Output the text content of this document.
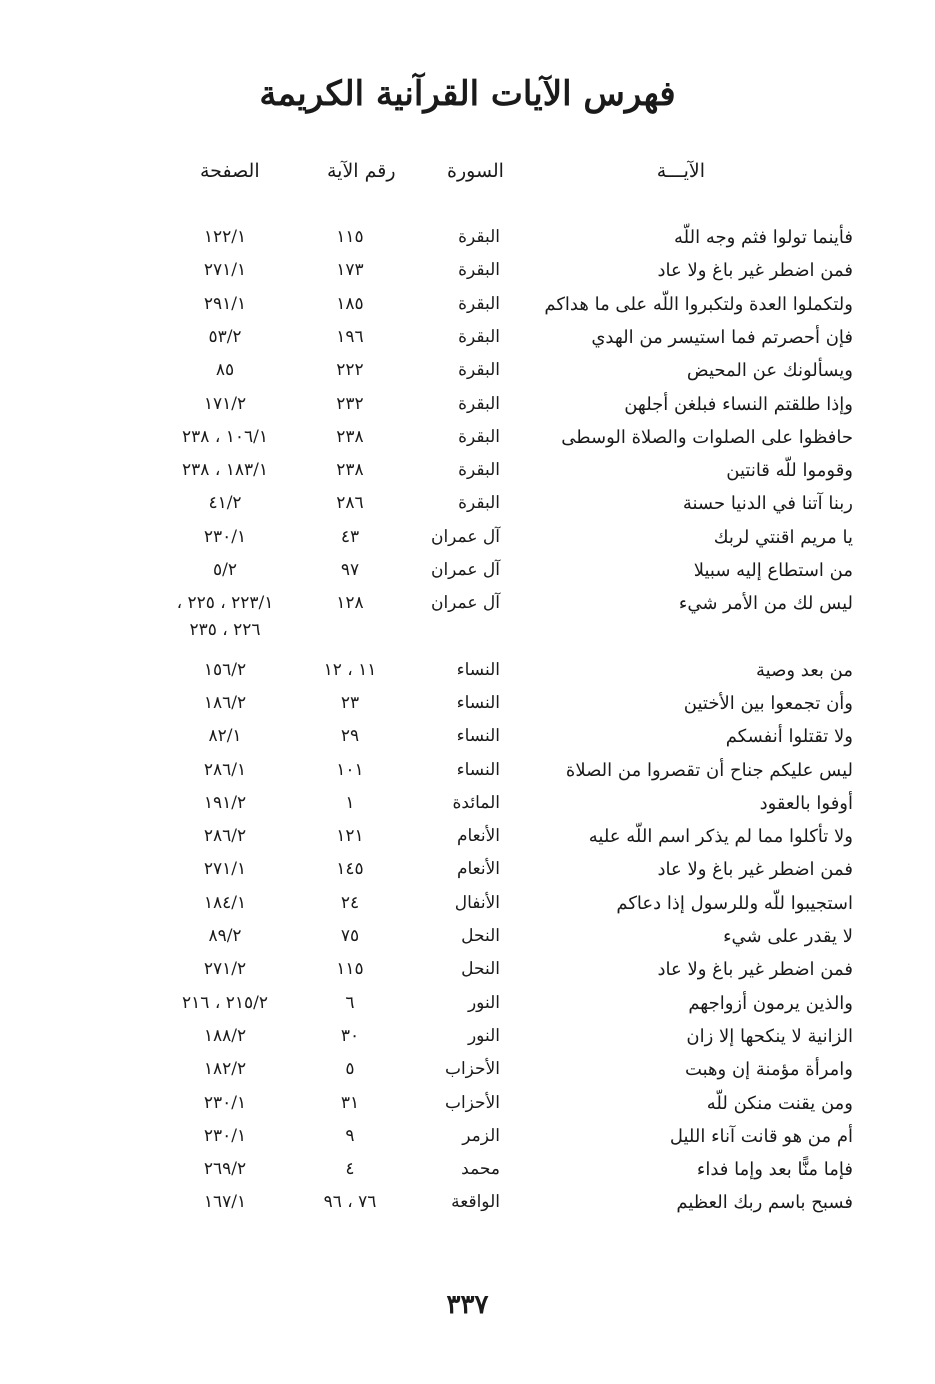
فهرس الآيات القرآنية الكريمة
الآيـــة
السورة
رقم الآية
الصفحة
فأينما تولوا فثم وجه اللّه
البقرة
١١٥
١٢٢/١
فمن اضطر غير باغ ولا عاد
البقرة
١٧٣
٢٧١/١
ولتكملوا العدة ولتكبروا اللّه على ما هداكم
البقرة
١٨٥
٢٩١/١
فإن أحصرتم فما استيسر من الهدي
البقرة
١٩٦
٥٣/٢
ويسألونك عن المحيض
البقرة
٢٢٢
٨٥
وإذا طلقتم النساء فبلغن أجلهن
البقرة
٢٣٢
١٧١/٢
حافظوا على الصلوات والصلاة الوسطى
البقرة
٢٣٨
١٠٦/١ ، ٢٣٨
وقوموا للّه قانتين
البقرة
٢٣٨
١٨٣/١ ، ٢٣٨
ربنا آتنا في الدنيا حسنة
البقرة
٢٨٦
٤١/٢
يا مريم اقنتي لربك
آل عمران
٤٣
٢٣٠/١
من استطاع إليه سبيلا
آل عمران
٩٧
٥/٢
ليس لك من الأمر شيء
آل عمران
١٢٨
٢٢٣/١ ، ٢٢٥ ،
من بعد وصية
النساء
١١ ، ١٢
١٥٦/٢
وأن تجمعوا بين الأختين
النساء
٢٣
١٨٦/٢
ولا تقتلوا أنفسكم
النساء
٢٩
٨٢/١
ليس عليكم جناح أن تقصروا من الصلاة
النساء
١٠١
٢٨٦/١
أوفوا بالعقود
المائدة
١
١٩١/٢
ولا تأكلوا مما لم يذكر اسم اللّه عليه
الأنعام
١٢١
٢٨٦/٢
فمن اضطر غير باغ ولا عاد
الأنعام
١٤٥
٢٧١/١
استجيبوا للّه وللرسول إذا دعاكم
الأنفال
٢٤
١٨٤/١
لا يقدر على شيء
النحل
٧٥
٨٩/٢
فمن اضطر غير باغ ولا عاد
النحل
١١٥
٢٧١/٢
والذين يرمون أزواجهم
النور
٦
٢١٥/٢ ، ٢١٦
الزانية لا ينكحها إلا زان
النور
٣٠
١٨٨/٢
وامرأة مؤمنة إن وهبت
الأحزاب
٥
١٨٢/٢
ومن يقنت منكن للّه
الأحزاب
٣١
٢٣٠/١
أم من هو قانت آناء الليل
الزمر
٩
٢٣٠/١
فإما منًّا بعد وإما فداء
محمد
٤
٢٦٩/٢
فسبح باسم ربك العظيم
الواقعة
٧٦ ، ٩٦
١٦٧/١
٢٢٦ ، ٢٣٥
٣٣٧
